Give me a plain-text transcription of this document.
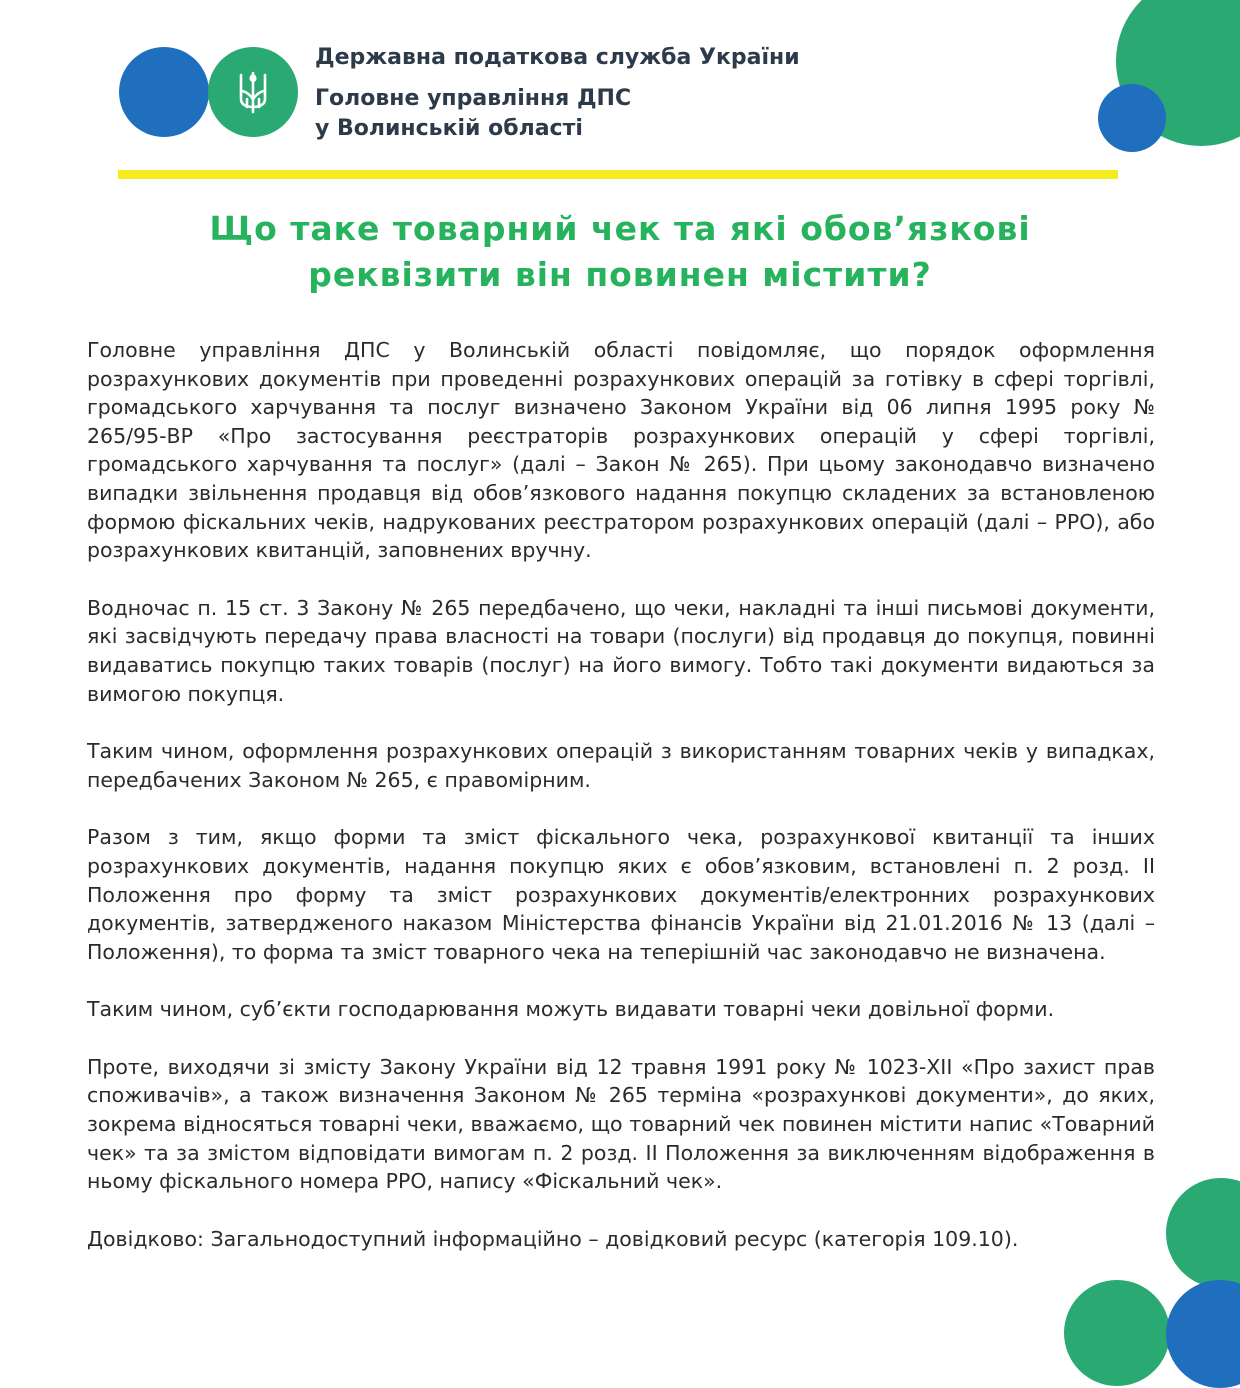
Державна податкова служба України
Головне управління ДПС
у Волинській області
Що таке товарний чек та які обов’язкові
реквізити він повинен містити?

Головне управління ДПС у Волинській області повідомляє, що порядок оформлення розрахункових документів при проведенні розрахункових операцій за готівку в сфері торгівлі, громадського харчування та послуг визначено Законом України від 06 липня 1995 року № 265/95-ВР «Про застосування реєстраторів розрахункових операцій у сфері торгівлі, громадського харчування та послуг» (далі – Закон № 265). При цьому законодавчо визначено випадки звільнення продавця від обов’язкового надання покупцю складених за встановленою формою фіскальних чеків, надрукованих реєстратором розрахункових операцій (далі – РРО), або розрахункових квитанцій, заповнених вручну.

Водночас п. 15 ст. 3 Закону № 265 передбачено, що чеки, накладні та інші письмові документи, які засвідчують передачу права власності на товари (послуги) від продавця до покупця, повинні видаватись покупцю таких товарів (послуг) на його вимогу. Тобто такі документи видаються за вимогою покупця.

Таким чином, оформлення розрахункових операцій з використанням товарних чеків у випадках, передбачених Законом № 265, є правомірним.

Разом з тим, якщо форми та зміст фіскального чека, розрахункової квитанції та інших розрахункових документів, надання покупцю яких є обов’язковим, встановлені п. 2 розд. ІІ Положення про форму та зміст розрахункових документів/електронних розрахункових документів, затвердженого наказом Міністерства фінансів України від 21.01.2016 № 13 (далі – Положення), то форма та зміст товарного чека на теперішній час законодавчо не визначена.

Таким чином, суб’єкти господарювання можуть видавати товарні чеки довільної форми.

Проте, виходячи зі змісту Закону України від 12 травня 1991 року № 1023-ХІІ «Про захист прав споживачів», а також визначення Законом № 265 терміна «розрахункові документи», до яких, зокрема відносяться товарні чеки, вважаємо, що товарний чек повинен містити напис «Товарний чек» та за змістом відповідати вимогам п. 2 розд. ІІ Положення за виключенням відображення в ньому фіскального номера РРО, напису «Фіскальний чек».

Довідково: Загальнодоступний інформаційно – довідковий ресурс (категорія 109.10).
